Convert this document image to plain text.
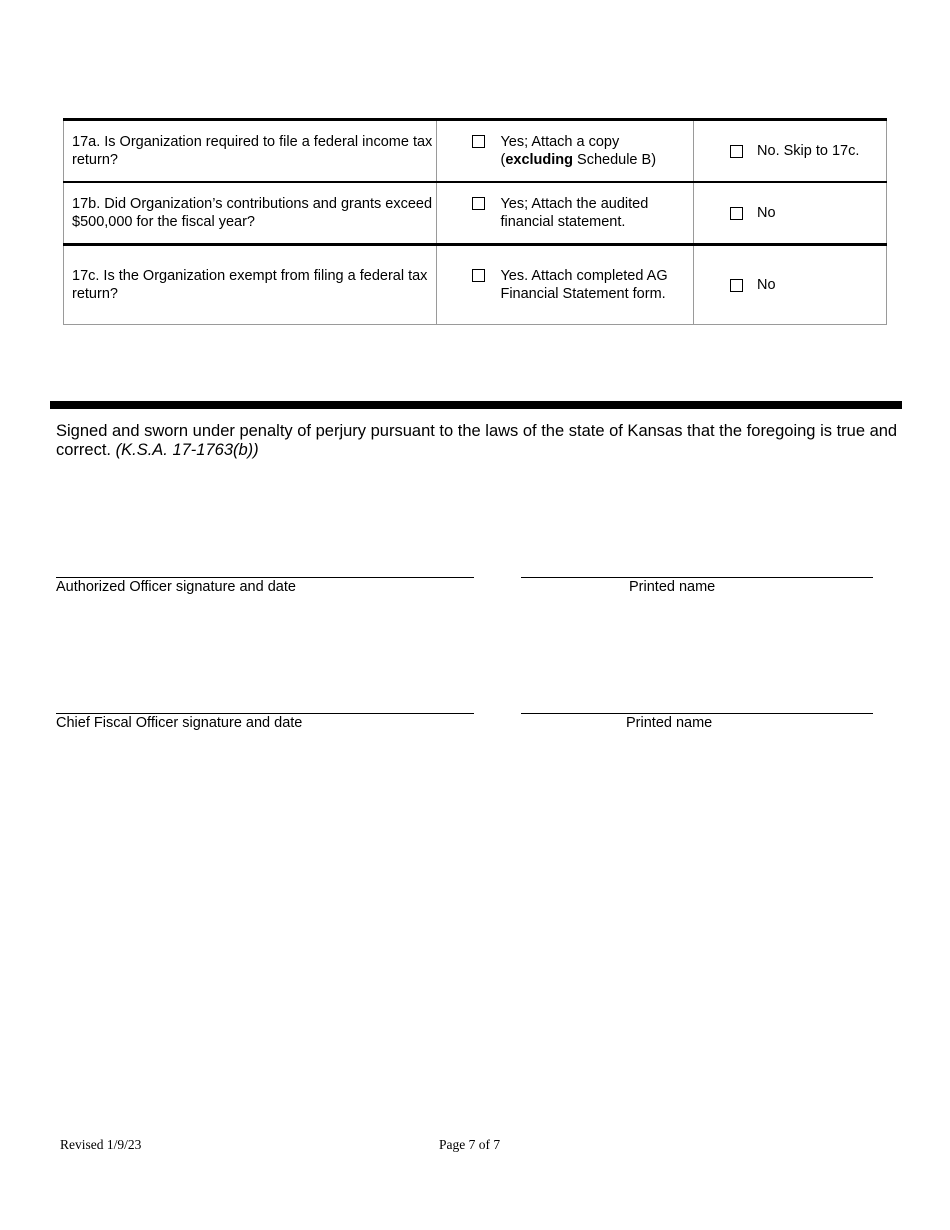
17a. Is Organization required to file a federal income tax return?	Yes; Attach a copy (excluding Schedule B)	No. Skip to 17c.

17b. Did Organization’s contributions and grants exceed $500,000 for the fiscal year?	Yes; Attach the audited financial statement.	No

17c. Is the Organization exempt from filing a federal tax return?	Yes. Attach completed AG Financial Statement form.	No
Signed and sworn under penalty of perjury pursuant to the laws of the state of Kansas that the foregoing is true and correct. (K.S.A. 17-1763(b))
Authorized Officer signature and date	Printed name
Chief Fiscal Officer signature and date	Printed name
Revised 1/9/23	Page 7 of 7
